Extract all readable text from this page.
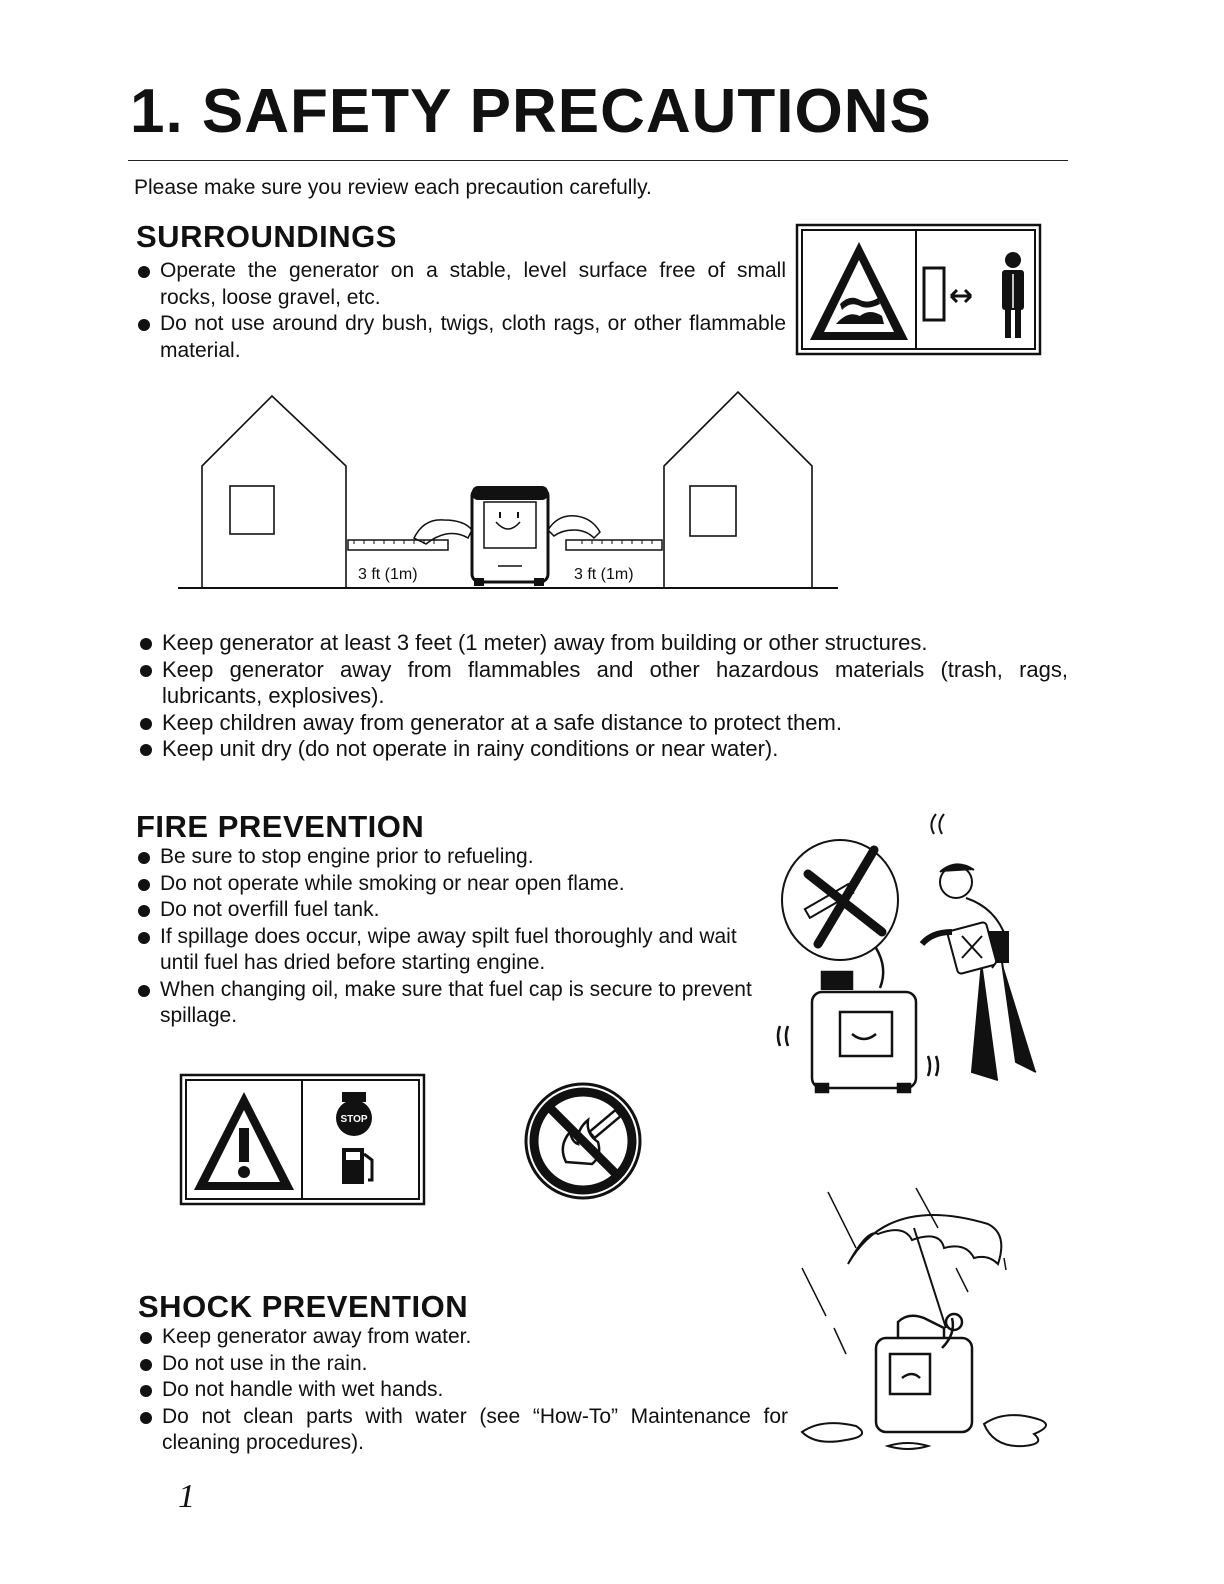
1. SAFETY PRECAUTIONS
Please make sure you review each precaution carefully.
SURROUNDINGS
Operate the generator on a stable, level surface free of small rocks, loose gravel, etc.
Do not use around dry bush, twigs, cloth rags, or other flammable material.
3 ft (1m)	3 ft (1m)
Keep generator at least 3 feet (1 meter) away from building or other structures.
Keep generator away from flammables and other hazardous materials (trash, rags, lubricants, explosives).
Keep children away from generator at a safe distance to protect them.
Keep unit dry (do not operate in rainy conditions or near water).
FIRE PREVENTION
Be sure to stop engine prior to refueling.
Do not operate while smoking or near open flame.
Do not overfill fuel tank.
If spillage does occur, wipe away spilt fuel thoroughly and wait until fuel has dried before starting engine.
When changing oil, make sure that fuel cap is secure to prevent spillage.
STOP
SHOCK PREVENTION
Keep generator away from water.
Do not use in the rain.
Do not handle with wet hands.
Do not clean parts with water (see “How-To” Maintenance for cleaning procedures).
1
